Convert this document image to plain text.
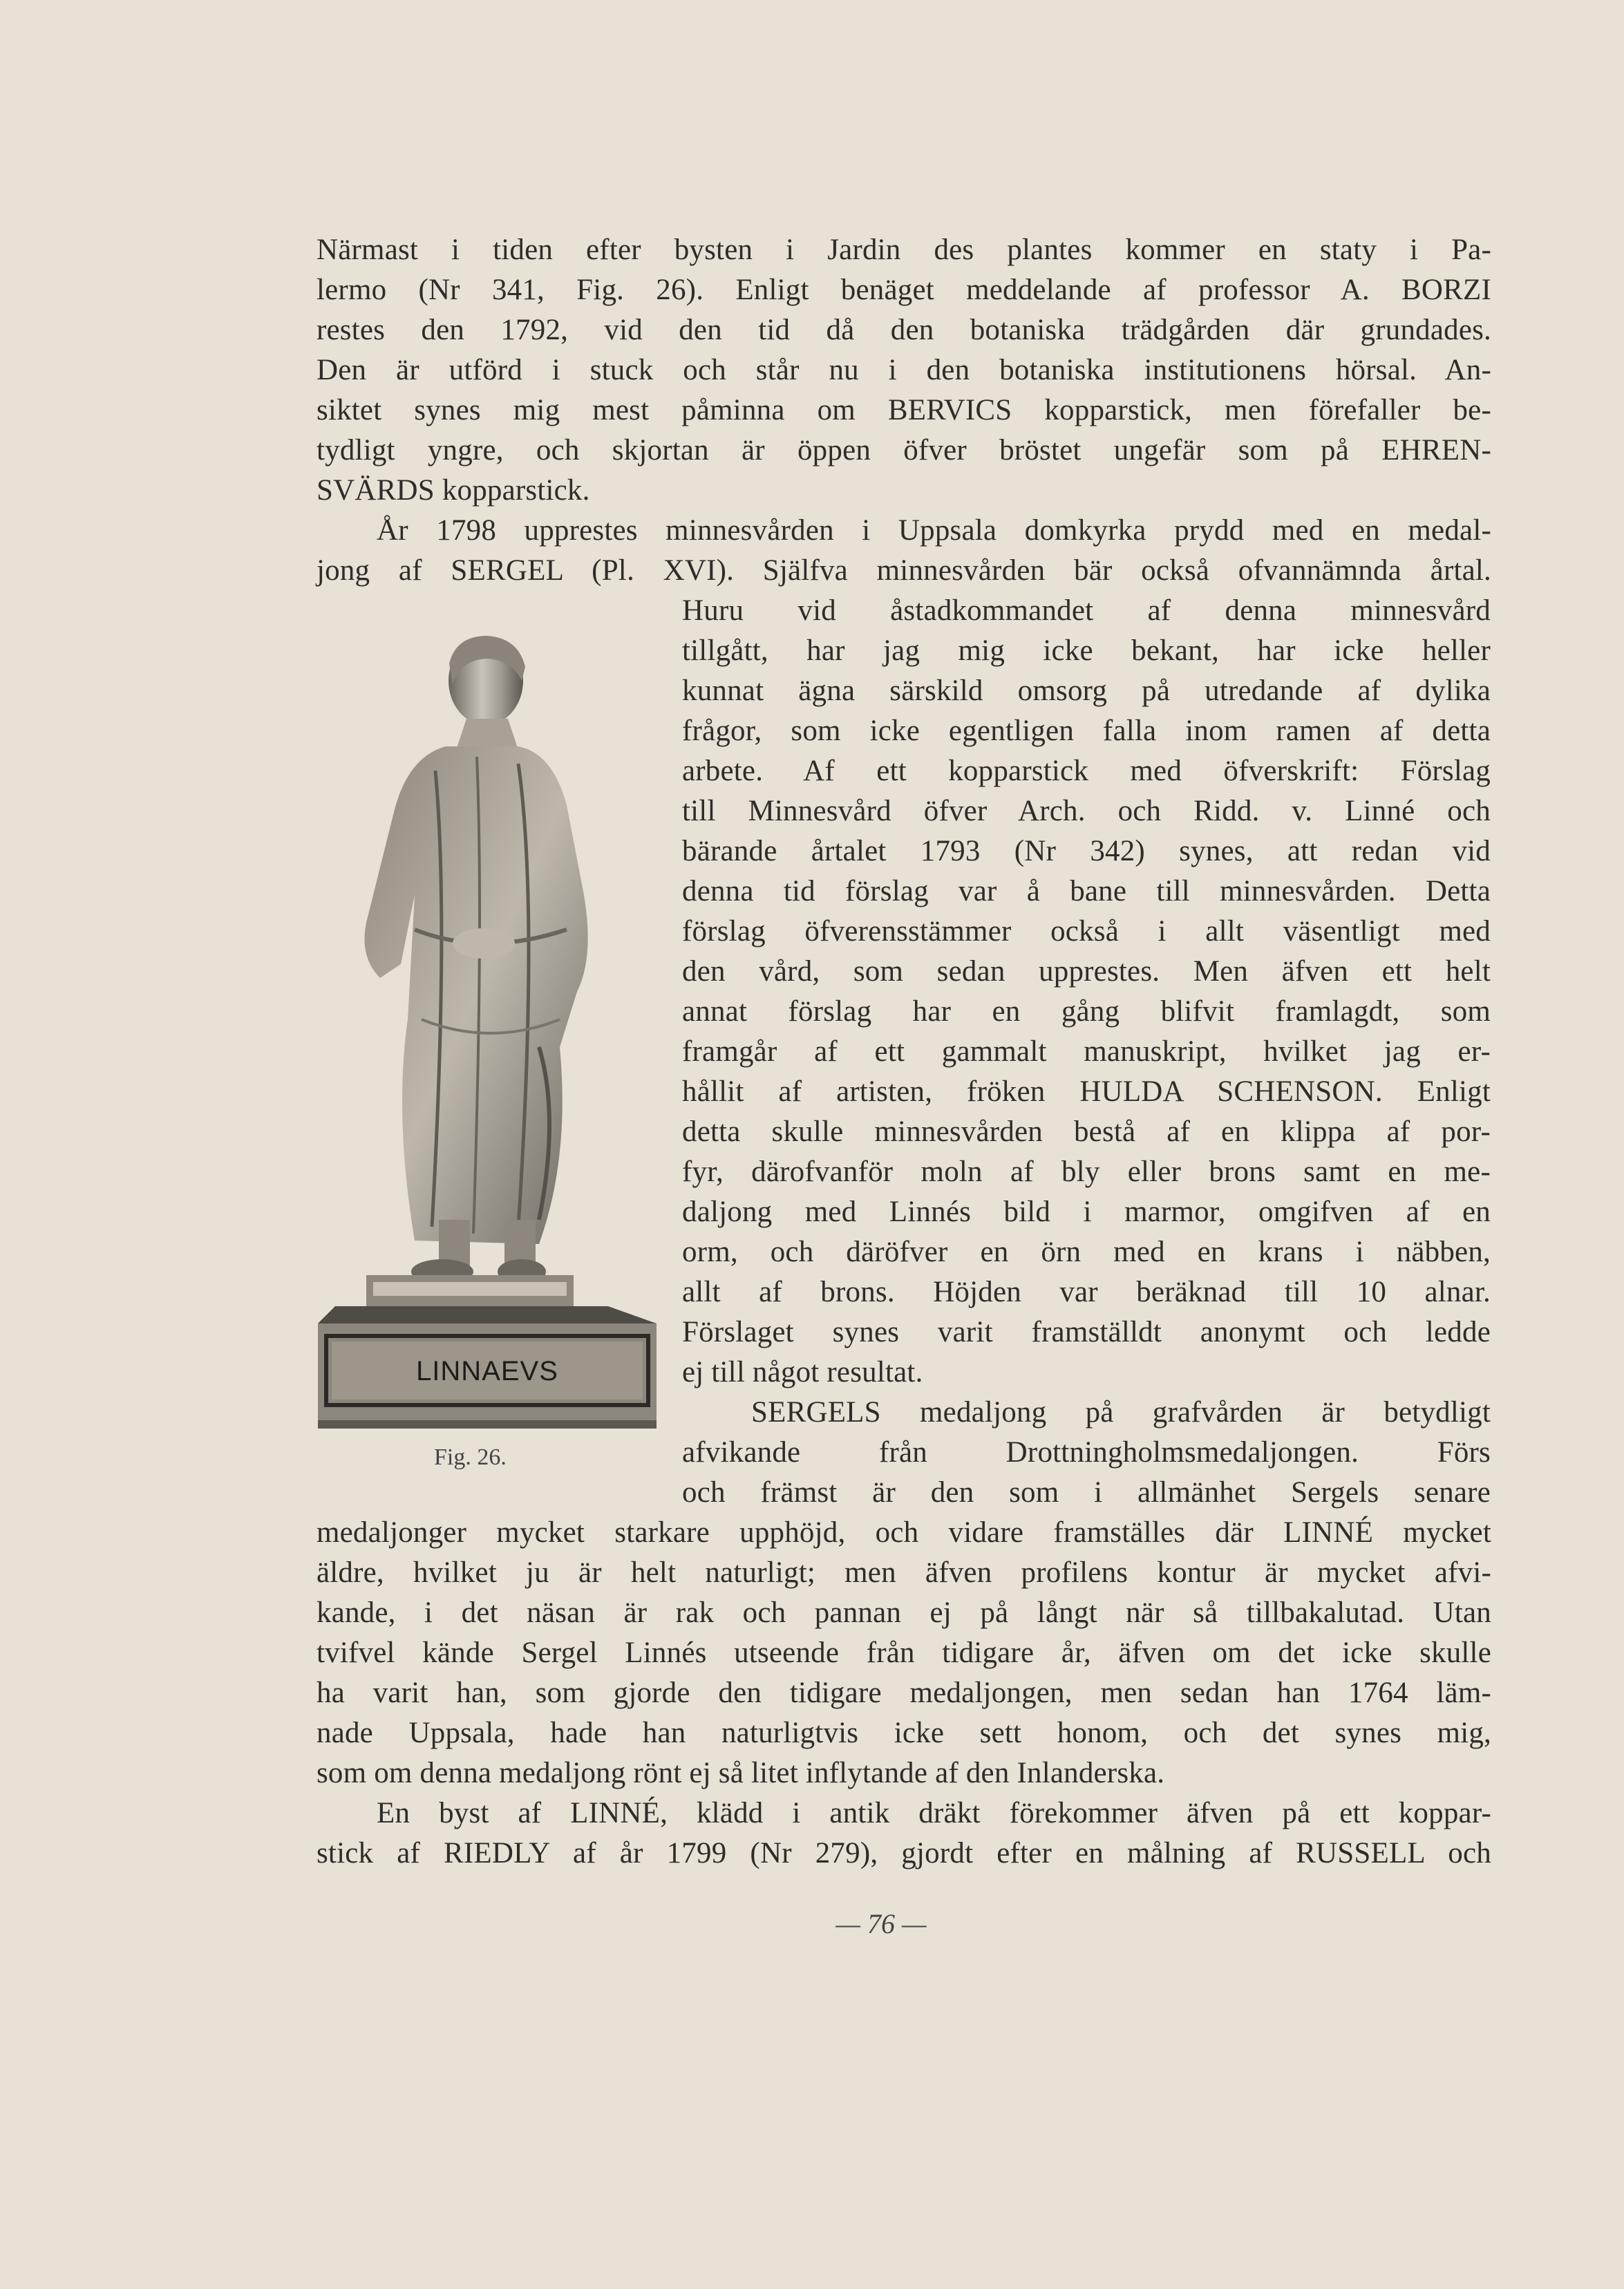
Närmast i tiden efter bysten i Jardin des plantes kommer en staty i Pa-
lermo (Nr 341, Fig. 26). Enligt benäget meddelande af professor A. BORZI
restes den 1792, vid den tid då den botaniska trädgården där grundades.
Den är utförd i stuck och står nu i den botaniska institutionens hörsal. An-
siktet synes mig mest påminna om BERVICS kopparstick, men förefaller be-
tydligt yngre, och skjortan är öppen öfver bröstet ungefär som på EHREN-
SVÄRDS kopparstick.
År 1798 upprestes minnesvården i Uppsala domkyrka prydd med en medal-
jong af SERGEL (Pl. XVI). Själfva minnesvården bär också ofvannämnda årtal.
Huru vid åstadkommandet af denna minnesvård
tillgått, har jag mig icke bekant, har icke heller
kunnat ägna särskild omsorg på utredande af dylika
frågor, som icke egentligen falla inom ramen af detta
arbete. Af ett kopparstick med öfverskrift: Förslag
till Minnesvård öfver Arch. och Ridd. v. Linné och
bärande årtalet 1793 (Nr 342) synes, att redan vid
denna tid förslag var å bane till minnesvården. Detta
förslag öfverensstämmer också i allt väsentligt med
den vård, som sedan upprestes. Men äfven ett helt
annat förslag har en gång blifvit framlagdt, som
framgår af ett gammalt manuskript, hvilket jag er-
hållit af artisten, fröken HULDA SCHENSON. Enligt
detta skulle minnesvården bestå af en klippa af por-
fyr, därofvanför moln af bly eller brons samt en me-
daljong med Linnés bild i marmor, omgifven af en
orm, och däröfver en örn med en krans i näbben,
allt af brons. Höjden var beräknad till 10 alnar.
Förslaget synes varit framställdt anonymt och ledde
ej till något resultat.
SERGELS medaljong på grafvården är betydligt
afvikande från Drottningholmsmedaljongen. Förs
och främst är den som i allmänhet Sergels senare
medaljonger mycket starkare upphöjd, och vidare framställes där LINNÉ mycket
äldre, hvilket ju är helt naturligt; men äfven profilens kontur är mycket afvi-
kande, i det näsan är rak och pannan ej på långt när så tillbakalutad. Utan
tvifvel kände Sergel Linnés utseende från tidigare år, äfven om det icke skulle
ha varit han, som gjorde den tidigare medaljongen, men sedan han 1764 läm-
nade Uppsala, hade han naturligtvis icke sett honom, och det synes mig,
som om denna medaljong rönt ej så litet inflytande af den Inlanderska.
En byst af LINNÉ, klädd i antik dräkt förekommer äfven på ett koppar-
stick af RIEDLY af år 1799 (Nr 279), gjordt efter en målning af RUSSELL och
LINNAEVS
Fig. 26.
— 76 —
